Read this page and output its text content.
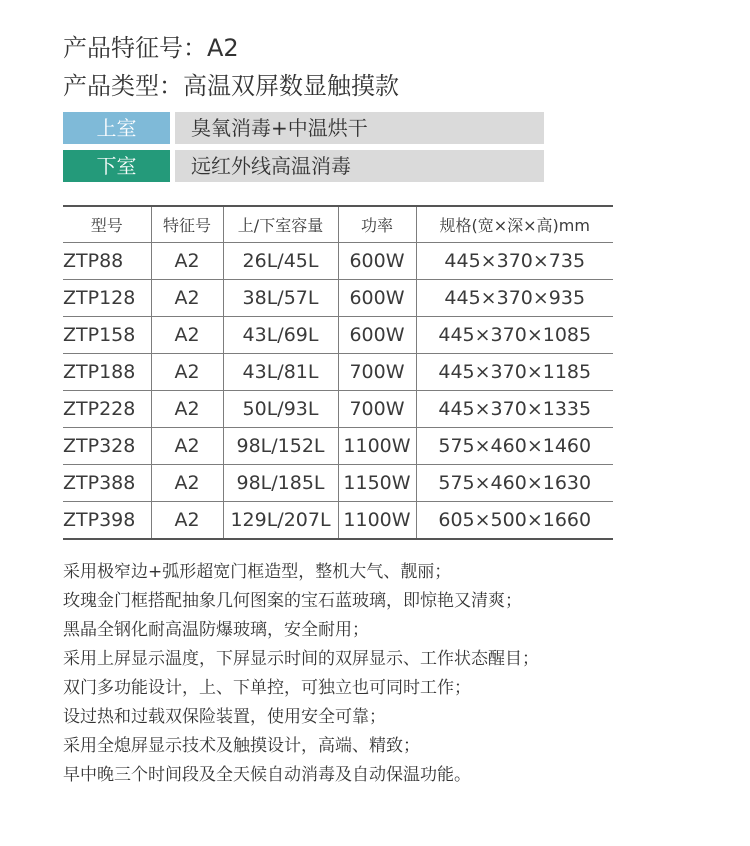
产品特征号：A2
产品类型：高温双屏数显触摸款
上室	臭氧消毒+中温烘干
下室	远红外线高温消毒
型号	特征号	上/下室容量	功率	规格(宽×深×高)mm
ZTP88	A2	26L/45L	600W	445×370×735
ZTP128	A2	38L/57L	600W	445×370×935
ZTP158	A2	43L/69L	600W	445×370×1085
ZTP188	A2	43L/81L	700W	445×370×1185
ZTP228	A2	50L/93L	700W	445×370×1335
ZTP328	A2	98L/152L	1100W	575×460×1460
ZTP388	A2	98L/185L	1150W	575×460×1630
ZTP398	A2	129L/207L	1100W	605×500×1660
采用极窄边+弧形超宽门框造型，整机大气、靓丽；
玫瑰金门框搭配抽象几何图案的宝石蓝玻璃，即惊艳又清爽；
黑晶全钢化耐高温防爆玻璃，安全耐用；
采用上屏显示温度，下屏显示时间的双屏显示、工作状态醒目；
双门多功能设计，上、下单控，可独立也可同时工作；
设过热和过载双保险装置，使用安全可靠；
采用全熄屏显示技术及触摸设计，高端、精致；
早中晚三个时间段及全天候自动消毒及自动保温功能。
